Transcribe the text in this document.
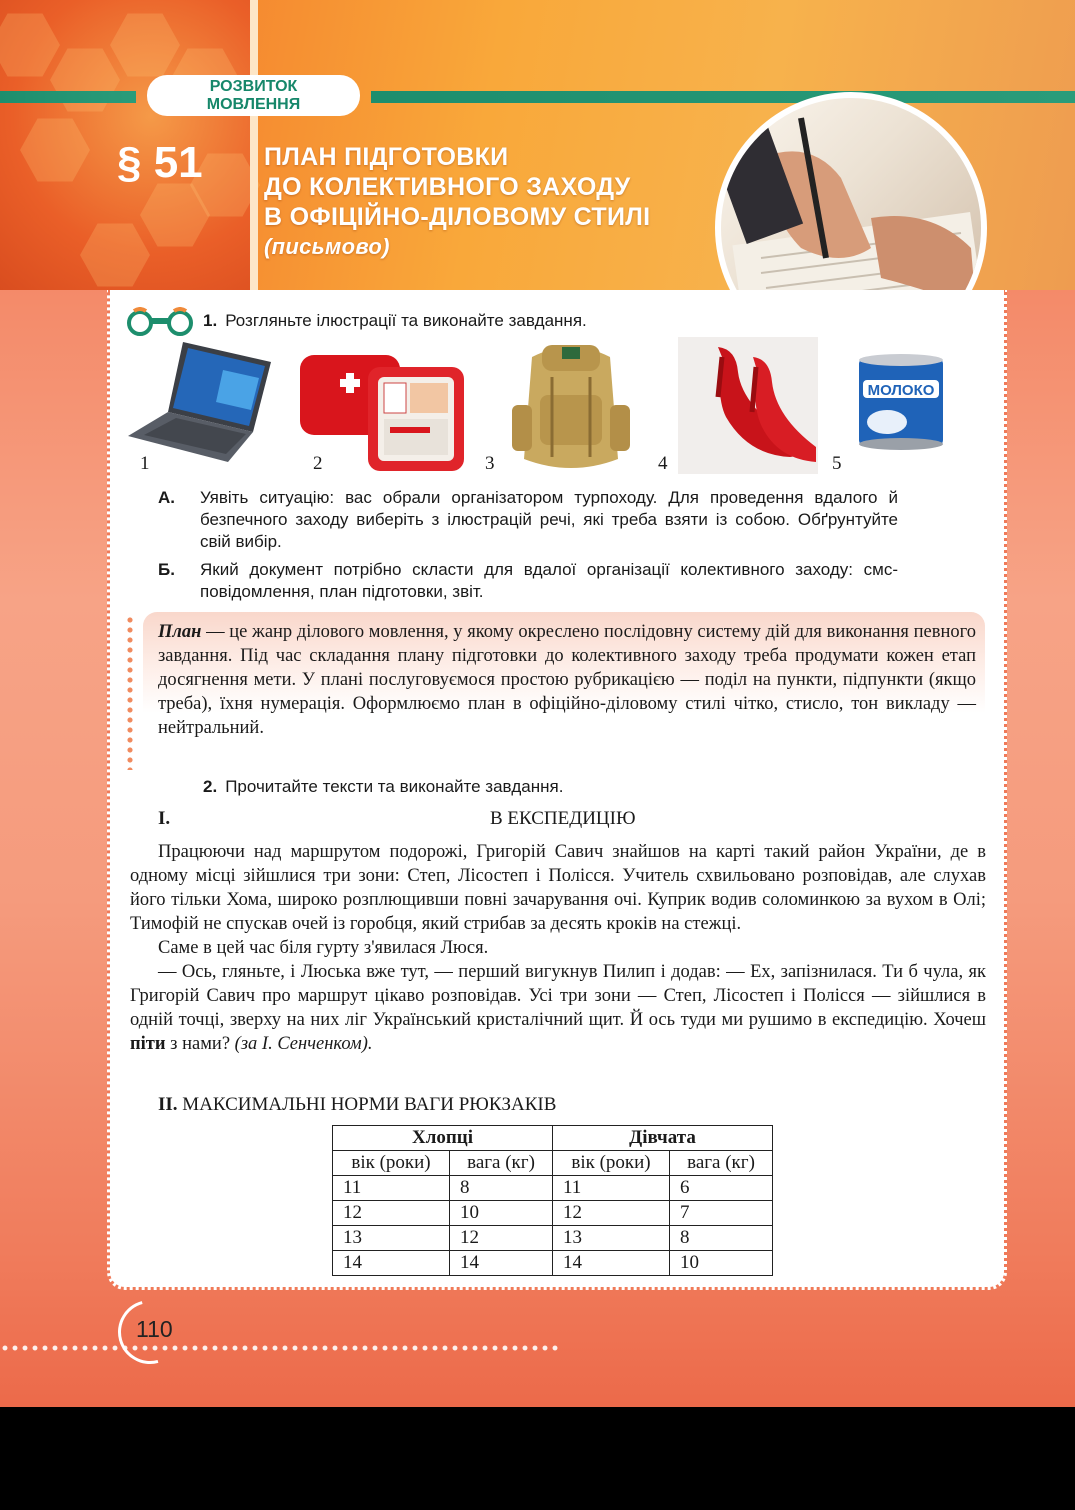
РОЗВИТОК
МОВЛЕННЯ
§ 51 ПЛАН ПІДГОТОВКИ
ДО КОЛЕКТИВНОГО ЗАХОДУ
В ОФІЦІЙНО-ДІЛОВОМУ СТИЛІ
(письмово)
1. Розгляньте ілюстрації та виконайте завдання.
1	2	3	4
МОЛОКО
5
А. Уявіть ситуацію: вас обрали організатором турпоходу. Для проведення вдалого й безпечного заходу виберіть з ілюстрацій речі, які треба взяти із собою. Обґрунтуйте свій вибір.
Б. Який документ потрібно скласти для вдалої організації колективного заходу: смс-повідомлення, план підготовки, звіт.
План — це жанр ділового мовлення, у якому окреслено послідовну систему дій для виконання певного завдання. Під час складання плану підготовки до колективного заходу треба продумати кожен етап досягнення мети. У плані послуговуємося простою рубрикацією — поділ на пункти, підпункти (якщо треба), їхня нумерація. Оформлюємо план в офіційно-діловому стилі чітко, стисло, тон викладу — нейтральний.
2. Прочитайте тексти та виконайте завдання.
I.	В ЕКСПЕДИЦІЮ

Працюючи над маршрутом подорожі, Григорій Савич знайшов на карті такий район України, де в одному місці зійшлися три зони: Степ, Лісостеп і Полісся. Учитель схвильовано розповідав, але слухав його тільки Хома, широко розплющивши повні зачарування очі. Куприк водив соломинкою за вухом в Олі; Тимофій не спускав очей із горобця, який стрибав за десять кроків на стежці.

Саме в цей час біля гурту з'явилася Люся.

— Ось, гляньте, і Люська вже тут, — перший вигукнув Пилип і додав: — Ех, запізнилася. Ти б чула, як Григорій Савич про маршрут цікаво розповідав. Усі три зони — Степ, Лісостеп і Полісся — зійшлися в одній точці, зверху на них ліг Український кристалічний щит. Й ось туди ми рушимо в експедицію. Хочеш піти з нами? (за І. Сенченком).

II. МАКСИМАЛЬНІ НОРМИ ВАГИ РЮКЗАКІВ
Хлопці		Дівчата	
вік (роки)	вага (кг)	вік (роки)	вага (кг)
11	8	11	6
12	10	12	7
13	12	13	8
14	14	14	10
110
